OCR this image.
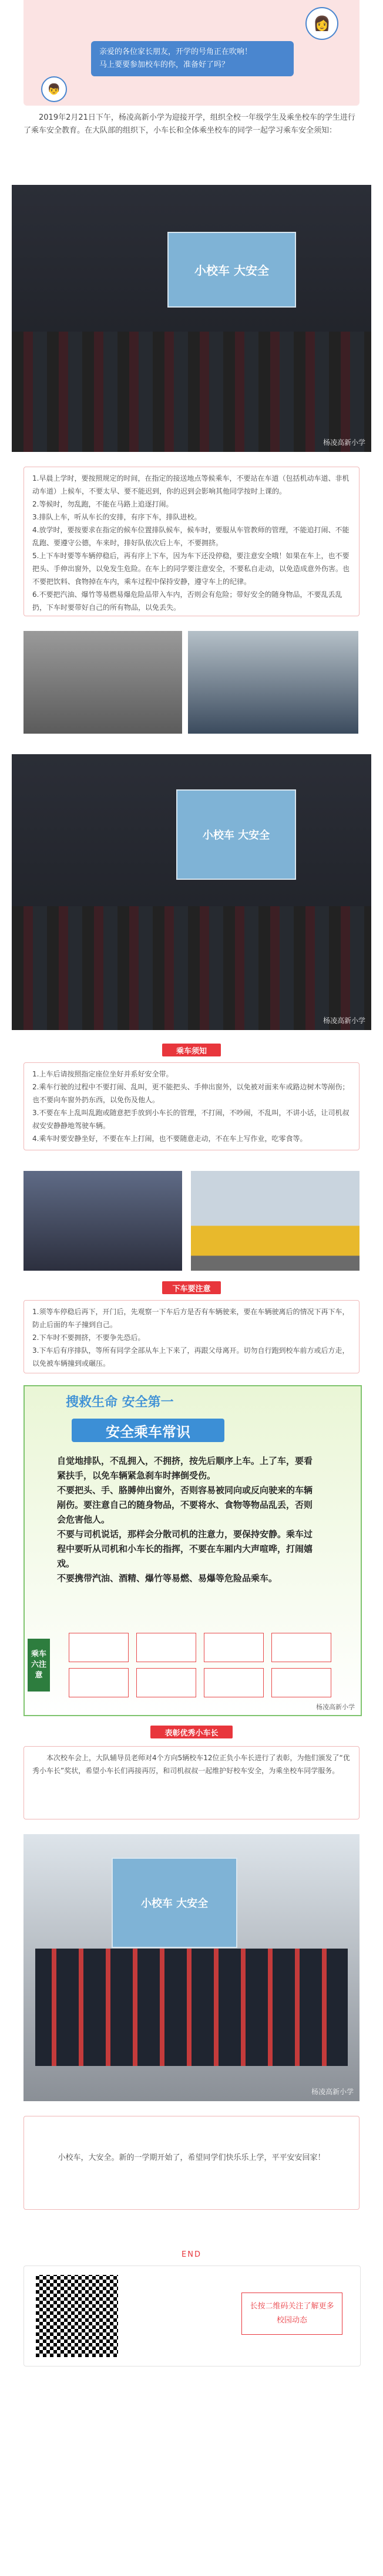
👩
👦
亲爱的各位家长朋友，开学的号角正在吹响！
马上要要参加校车的你，准备好了吗？
2019年2月21日下午，杨凌高新小学为迎接开学，组织全校一年级学生及乘坐校车的学生进行了乘车安全教育。在大队部的组织下，小车长和全体乘坐校车的同学一起学习乘车安全须知：
小校车 大安全
杨凌高新小学

1.早晨上学时，要按照规定的时间，在指定的接送地点等候乘车，不要站在车道（包括机动车道、非机动车道）上候车，不要太早、要不能迟到，你的迟到会影响其他同学按时上课的。

2.等候时，勿乱跑，不能在马路上追逐打闹。

3.排队上车，听从车长的安排，有序下车，排队进校。

4.放学时，要按要求在指定的候车位置排队候车，候车时，要服从车管教师的管理，不能追打闹、不能乱跑、要遵守公德，车来时，排好队依次后上车，不要拥挤。

5.上下车时要等车辆停稳后，再有序上下车，因为车下还没停稳，要注意安全哦！如果在车上，也不要把头、手伸出窗外，以免发生危险。在车上的同学要注意安全，不要私自走动，以免造成意外伤害。也不要把饮料、食物掉在车内，乘车过程中保持安静，遵守车上的纪律。

6.不要把汽油、爆竹等易燃易爆危险品带入车内，否则会有危险；带好安全的随身物品，不要乱丢乱扔，下车时要带好自己的所有物品，以免丢失。

小校车 大安全
杨凌高新小学
乘车须知

1.上车后请按照指定座位坐好并系好安全带。

2.乘车行驶的过程中不要打闹、乱叫，更不能把头、手伸出窗外，以免被对面来车或路边树木等剐伤；也不要向车窗外扔东西，以免伤及他人。

3.不要在车上乱叫乱跑或随意把手放到小车长的管理，不打闹，不吵闹，不乱叫，不讲小话，让司机叔叔安安静静地驾驶车辆。

4.乘车时要安静坐好，不要在车上打闹，也不要随意走动，不在车上写作业，吃零食等。

下车要注意

1.须等车停稳后再下，开门后，先观察一下车后方是否有车辆驶来，要在车辆驶离后的情况下再下车，防止后面的车子撞到自己。

2.下车时不要拥挤，不要争先恐后。

3.下车后有序排队，等所有同学全部从车上下来了，再跟父母离开。切勿自行跑到校车前方或后方走，以免被车辆撞到或碾压。

搜救生命 安全第一
安全乘车常识

自觉地排队，不乱拥入，不拥挤，按先后顺序上车。上了车，要看紧扶手，以免车辆紧急刹车时摔倒受伤。

不要把头、手、胳膊伸出窗外，否则容易被同向或反向驶来的车辆剐伤。要注意自己的随身物品，不要将水、食物等物品乱丢，否则会危害他人。

不要与司机说话，那样会分散司机的注意力，要保持安静。乘车过程中要听从司机和小车长的指挥，不要在车厢内大声喧哗，打闹嬉戏。

不要携带汽油、酒精、爆竹等易燃、易爆等危险品乘车。

乘车六注意
杨凌高新小学
表彰优秀小车长

本次校车会上，大队辅导员老师对4个方向5辆校车12位正负小车长进行了表彰，为他们颁发了“优秀小车长”奖状，希望小车长们再接再厉，和司机叔叔一起维护好校车安全，为乘坐校车同学服务。

小校车 大安全
杨凌高新小学
小校车，大安全。新的一学期开始了，希望同学们快乐乐上学，平平安安回家！
END
长按二维码关注了解更多校园动态
